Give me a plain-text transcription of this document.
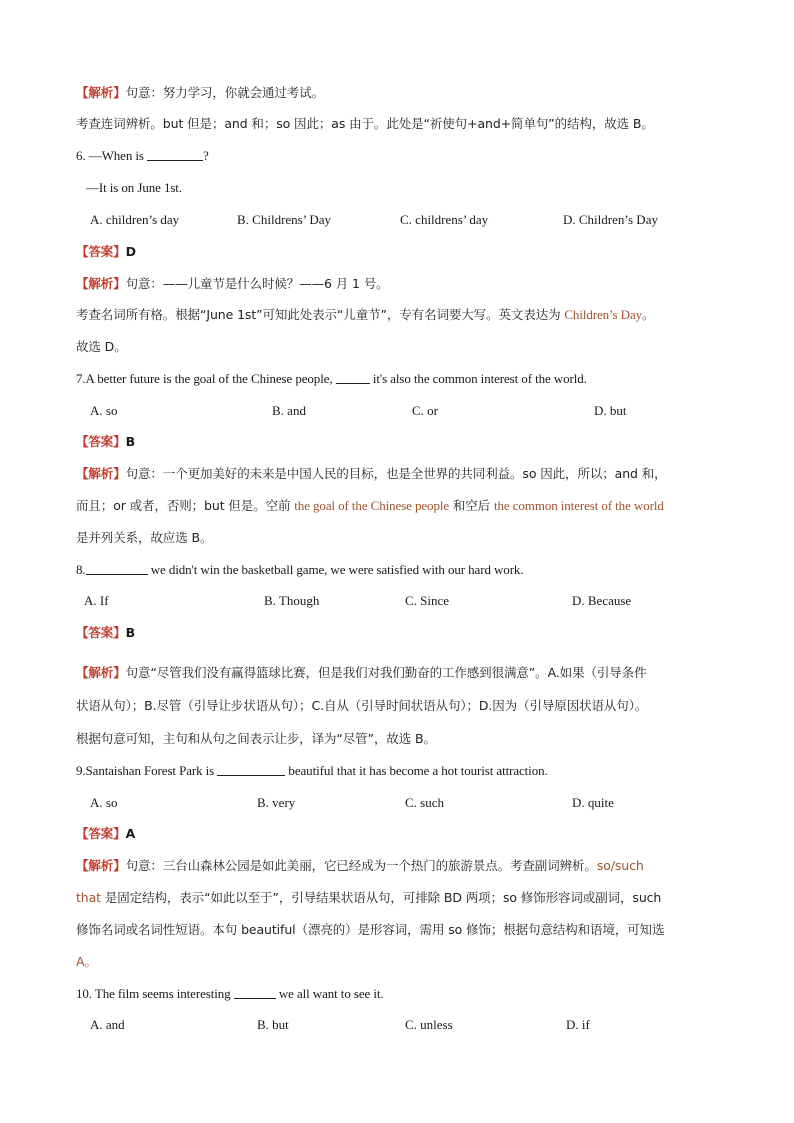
【解析】句意：努力学习，你就会通过考试。
考查连词辨析。but 但是；and 和；so 因此；as 由于。此处是“祈使句+and+简单句”的结构，故选 B。
6. —When is	?
—It is on June 1st.
A. children’s day	B. Childrens’ Day	C. childrens’ day	D. Children’s Day
【答案】D
【解析】句意：——儿童节是什么时候？——6 月 1 号。
考查名词所有格。根据“June 1st”可知此处表示“儿童节”，专有名词要大写。英文表达为 Children’s Day。
故选 D。
7.A better future is the goal of the Chinese people,	it's also the common interest of the world.
A. so	B. and	C. or	D. but
【答案】B
【解析】句意：一个更加美好的未来是中国人民的目标，也是全世界的共同利益。so 因此，所以；and 和，
而且；or 或者，否则；but 但是。空前 the goal of the Chinese people 和空后 the common interest of the world
是并列关系，故应选 B。
8.	we didn't win the basketball game, we were satisfied with our hard work.
A. If	B. Though	C. Since	D. Because
【答案】B
【解析】句意“尽管我们没有赢得篮球比赛，但是我们对我们勤奋的工作感到很满意”。A.如果（引导条件
状语从句）；B.尽管（引导让步状语从句）；C.自从（引导时间状语从句）；D.因为（引导原因状语从句）。
根据句意可知，主句和从句之间表示让步，译为“尽管”，故选 B。
9.Santaishan Forest Park is	beautiful that it has become a hot tourist attraction.
A. so	B. very	C. such	D. quite
【答案】A
【解析】句意：三台山森林公园是如此美丽，它已经成为一个热门的旅游景点。考查副词辨析。so/such
that 是固定结构，表示“如此以至于”，引导结果状语从句，可排除 BD 两项；so 修饰形容词或副词，such
修饰名词或名词性短语。本句 beautiful（漂亮的）是形容词，需用 so 修饰；根据句意结构和语境，可知选
A。
10. The film seems interesting	we all want to see it.
A. and	B. but	C. unless	D. if
